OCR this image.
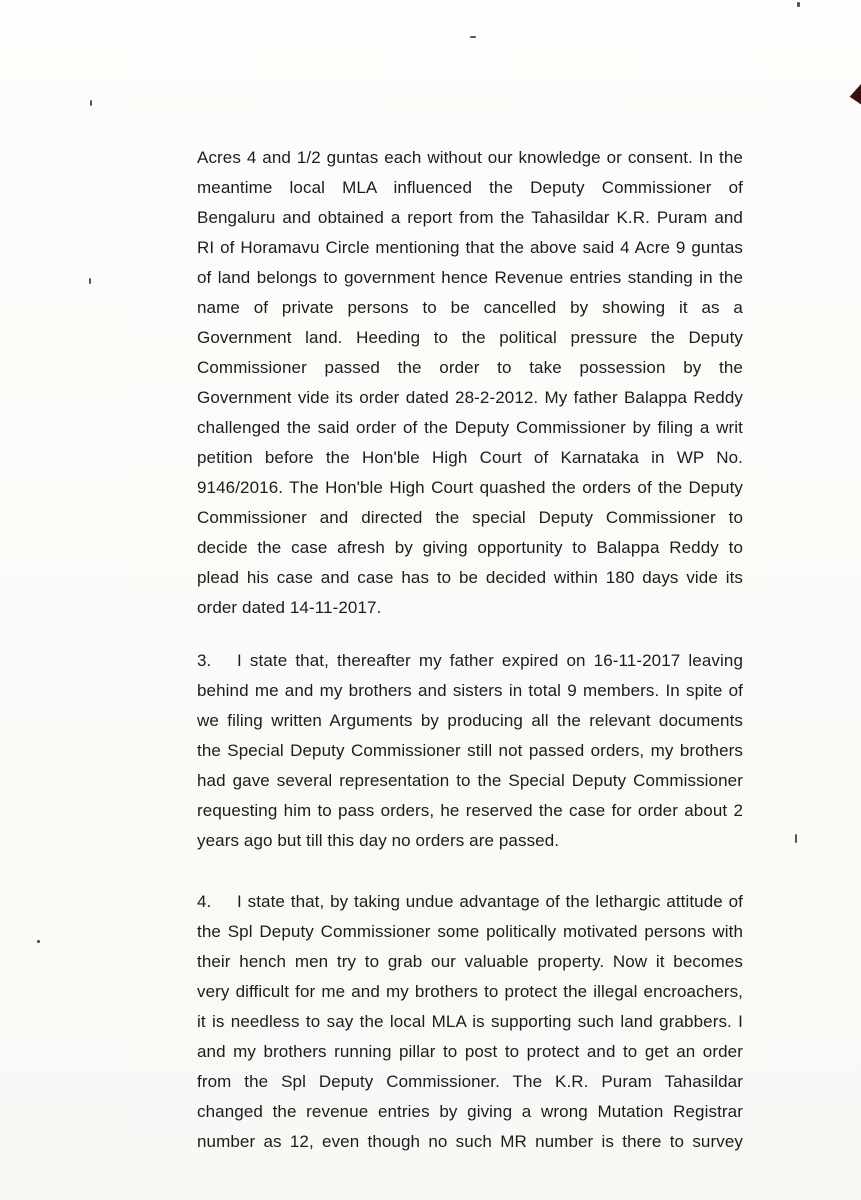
Acres 4 and 1/2 guntas each without our knowledge or consent. In the
meantime local MLA influenced the Deputy Commissioner of
Bengaluru and obtained a report from the Tahasildar K.R. Puram and
RI of Horamavu Circle mentioning that the above said 4 Acre 9 guntas
of land belongs to government hence Revenue entries standing in the
name of private persons to be cancelled by showing it as a
Government land. Heeding to the political pressure the Deputy
Commissioner passed the order to take possession by the
Government vide its order dated 28-2-2012. My father Balappa Reddy
challenged the said order of the Deputy Commissioner by filing a writ
petition before the Hon'ble High Court of Karnataka in WP No.
9146/2016. The Hon'ble High Court quashed the orders of the Deputy
Commissioner and directed the special Deputy Commissioner to
decide the case afresh by giving opportunity to Balappa Reddy to
plead his case and case has to be decided within 180 days vide its
order dated 14-11-2017.
3. I state that, thereafter my father expired on 16-11-2017 leaving
behind me and my brothers and sisters in total 9 members. In spite of
we filing written Arguments by producing all the relevant documents
the Special Deputy Commissioner still not passed orders, my brothers
had gave several representation to the Special Deputy Commissioner
requesting him to pass orders, he reserved the case for order about 2
years ago but till this day no orders are passed.
4. I state that, by taking undue advantage of the lethargic attitude of
the Spl Deputy Commissioner some politically motivated persons with
their hench men try to grab our valuable property. Now it becomes
very difficult for me and my brothers to protect the illegal encroachers,
it is needless to say the local MLA is supporting such land grabbers. I
and my brothers running pillar to post to protect and to get an order
from the Spl Deputy Commissioner. The K.R. Puram Tahasildar
changed the revenue entries by giving a wrong Mutation Registrar
number as 12, even though no such MR number is there to survey
